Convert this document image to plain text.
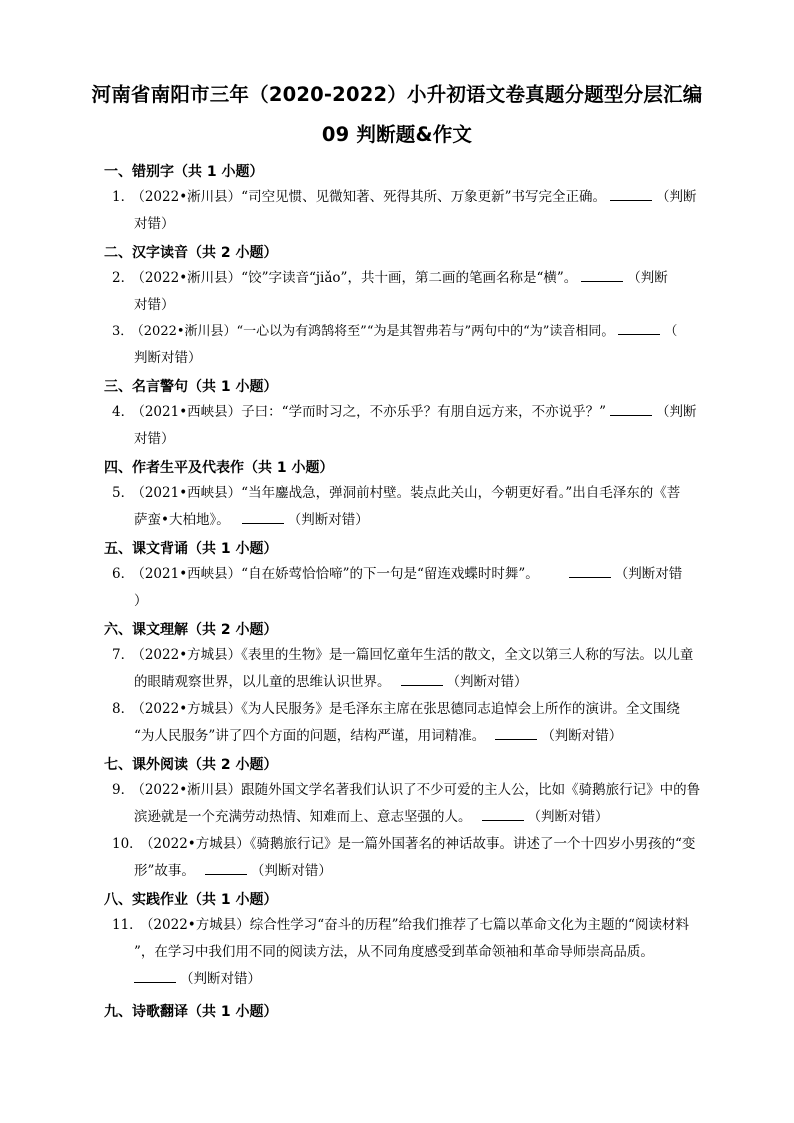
河南省南阳市三年（2020-2022）小升初语文卷真题分题型分层汇编
09 判断题&作文
一、错别字（共 1 小题）
1． （2022•淅川县）“司空见惯、见微知著、死得其所、万象更新”书写完全正确。	（判断
对错）
二、汉字读音（共 2 小题）
2． （2022•淅川县）“饺”字读音“jiǎo”，共十画，第二画的笔画名称是“横”。	（判断
对错）
3． （2022•淅川县）“一心以为有鸿鹄将至”“为是其智弗若与”两句中的“为”读音相同。	（
判断对错）
三、名言警句（共 1 小题）
4． （2021•西峡县）子曰：“学而时习之，不亦乐乎？有朋自远方来，不亦说乎？”	（判断
对错）
四、作者生平及代表作（共 1 小题）
5． （2021•西峡县）“当年鏖战急，弹洞前村壁。装点此关山，今朝更好看。”出自毛泽东的《菩
萨蛮•大柏地》。	（判断对错）
五、课文背诵（共 1 小题）
6． （2021•西峡县）“自在娇莺恰恰啼”的下一句是“留连戏蝶时时舞”。	（判断对错
）
六、课文理解（共 2 小题）
7． （2022•方城县）《表里的生物》是一篇回忆童年生活的散文，全文以第三人称的写法。以儿童
的眼睛观察世界，以儿童的思维认识世界。	（判断对错）
8． （2022•方城县）《为人民服务》是毛泽东主席在张思德同志追悼会上所作的演讲。全文围绕
“为人民服务”讲了四个方面的问题，结构严谨，用词精准。	（判断对错）
七、课外阅读（共 2 小题）
9． （2022•淅川县）跟随外国文学名著我们认识了不少可爱的主人公，比如《骑鹅旅行记》中的鲁
滨逊就是一个充满劳动热情、知难而上、意志坚强的人。	（判断对错）
10． （2022•方城县）《骑鹅旅行记》是一篇外国著名的神话故事。讲述了一个十四岁小男孩的“变
形”故事。	（判断对错）
八、实践作业（共 1 小题）
11． （2022•方城县）综合性学习“奋斗的历程”给我们推荐了七篇以革命文化为主题的“阅读材料
”，在学习中我们用不同的阅读方法，从不同角度感受到革命领袖和革命导师崇高品质。
（判断对错）
九、诗歌翻译（共 1 小题）
